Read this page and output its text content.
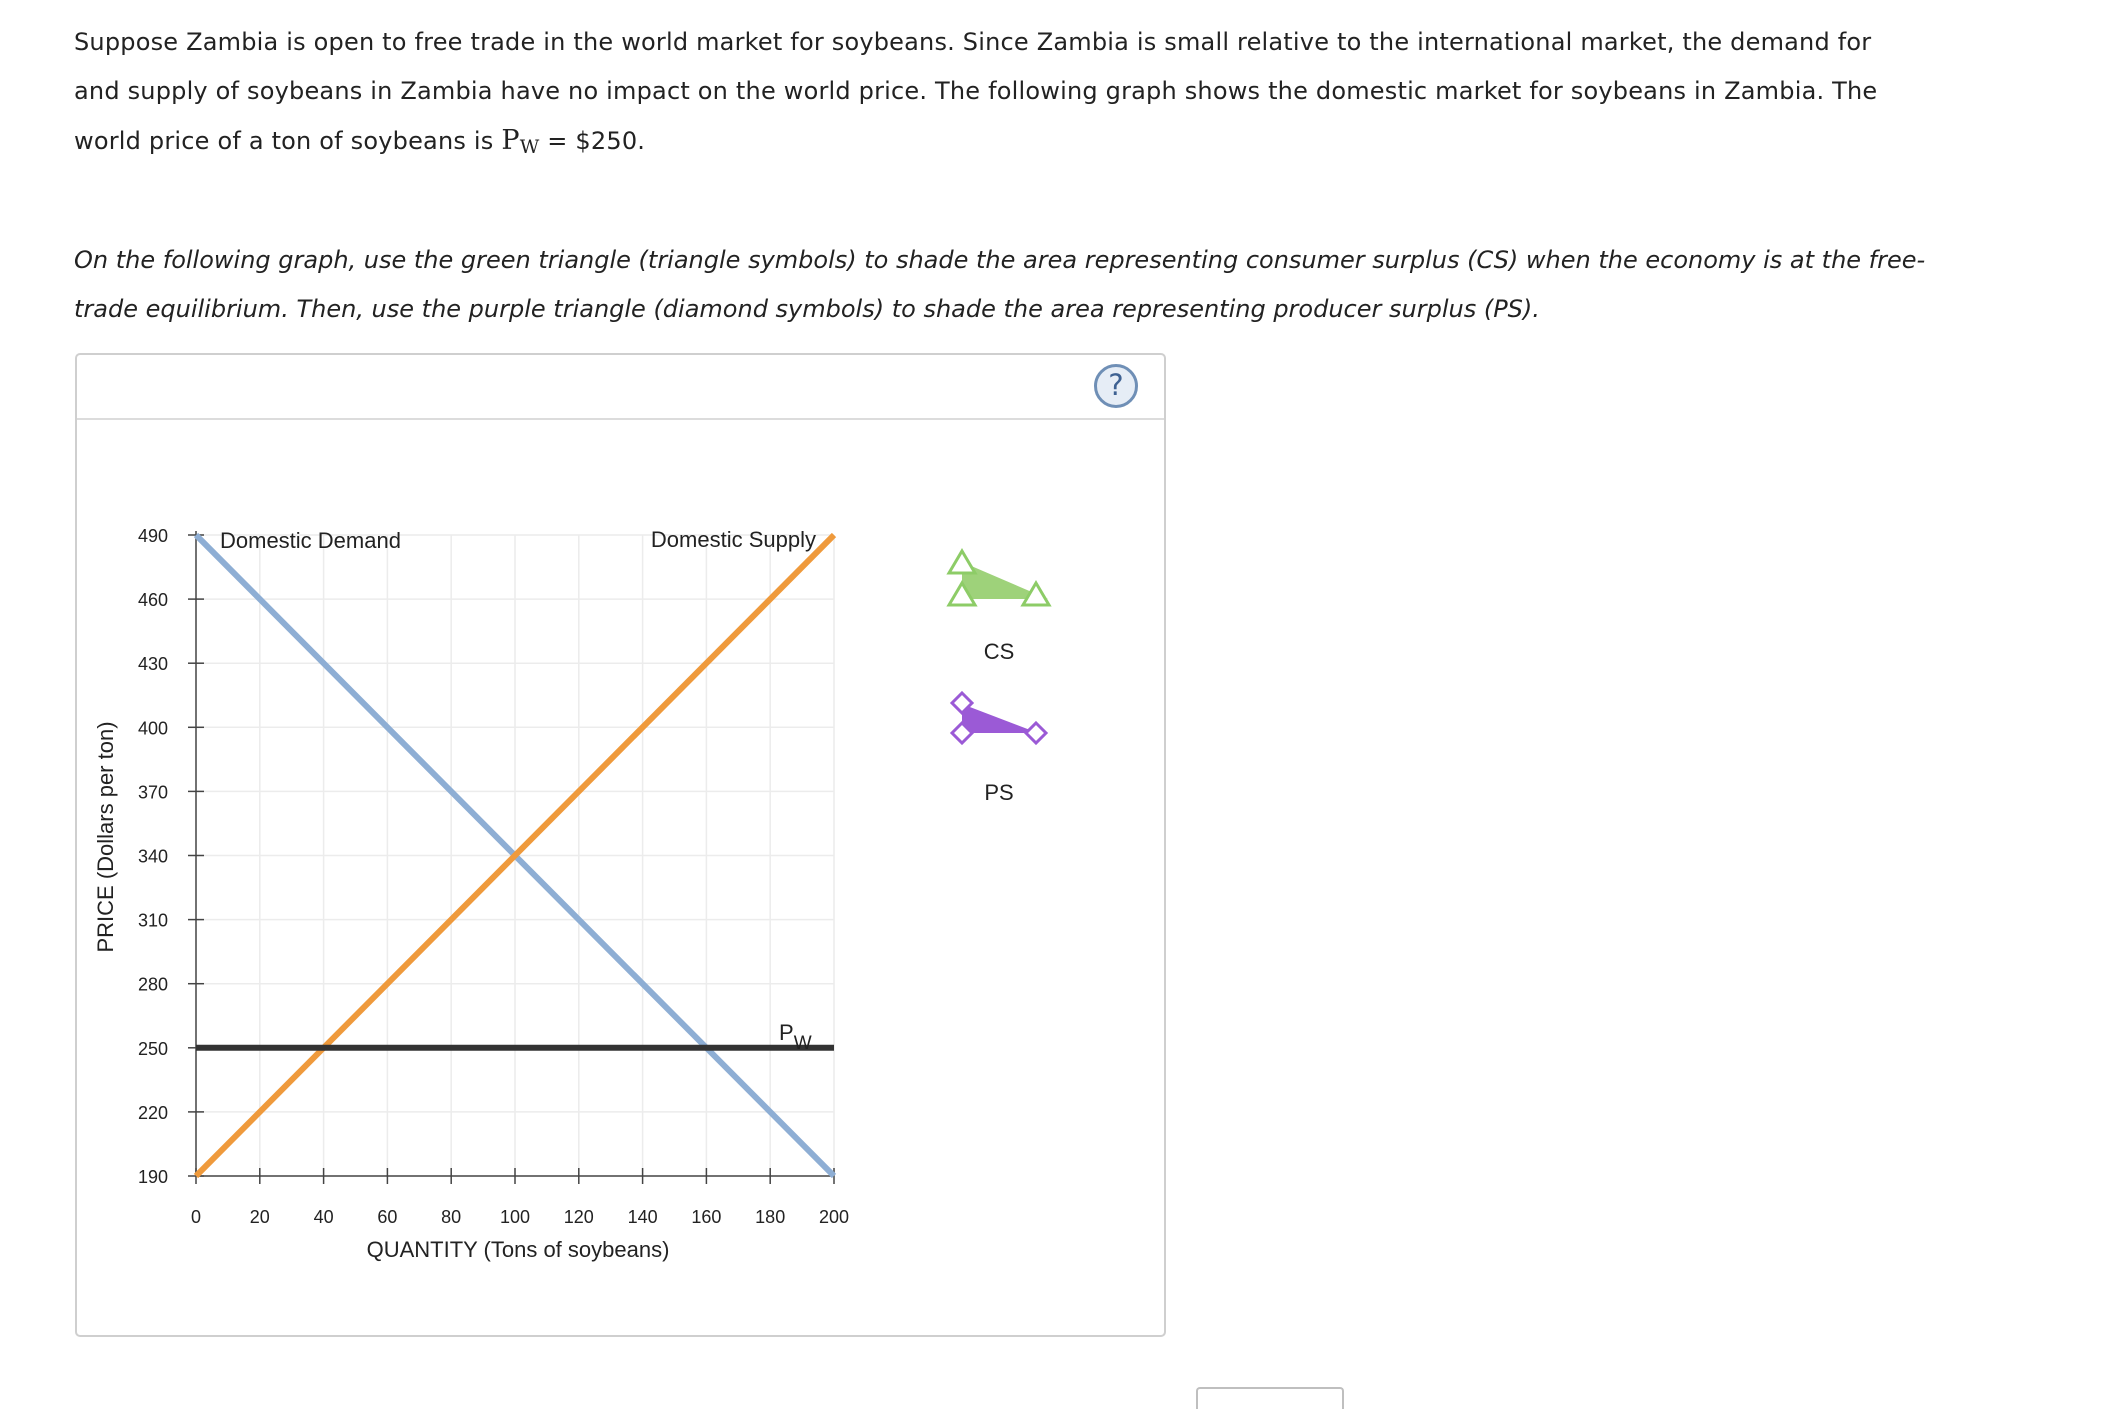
Suppose Zambia is open to free trade in the world market for soybeans. Since Zambia is small relative to the international market, the demand for and supply of soybeans in Zambia have no impact on the world price. The following graph shows the domestic market for soybeans in Zambia. The world price of a ton of soybeans is PW = $250.
On the following graph, use the green triangle (triangle symbols) to shade the area representing consumer surplus (CS) when the economy is at the free-trade equilibrium. Then, use the purple triangle (diamond symbols) to shade the area representing producer surplus (PS).
?
490
460
430
400
370
340
310
280
250
220
190
0	20 40 60 80 100 120 140 160 180 200
PW
Domestic Demand	Domestic Supply
QUANTITY (Tons of soybeans)
PRICE (Dollars per ton)
CS
PS
